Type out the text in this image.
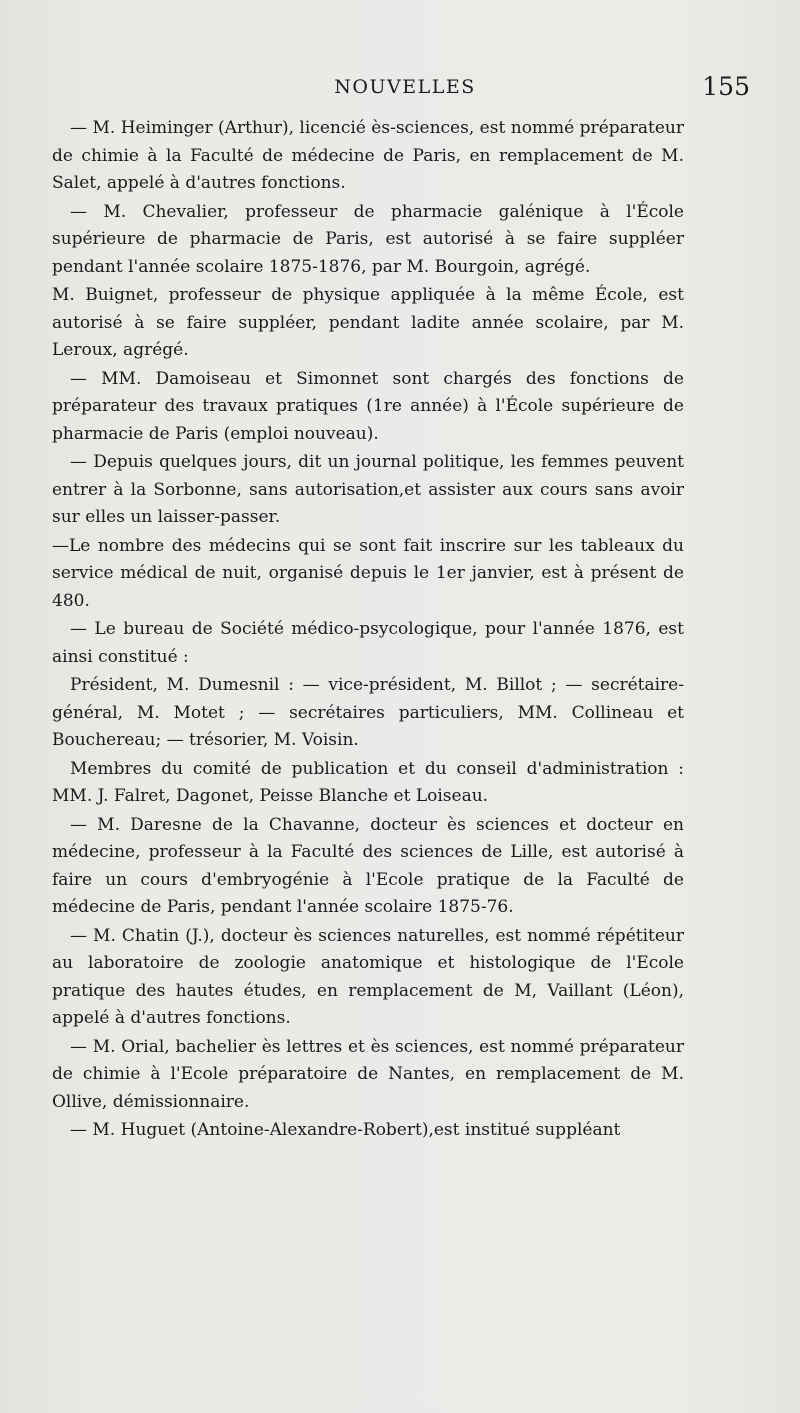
NOUVELLES	155

— M. Heiminger (Arthur), licencié ès-sciences, est nommé préparateur de chimie à la Faculté de médecine de Paris, en remplacement de M. Salet, appelé à d'autres fonctions.

— M. Chevalier, professeur de pharmacie galénique à l'École supérieure de pharmacie de Paris, est autorisé à se faire suppléer pendant l'année scolaire 1875-1876, par M. Bourgoin, agrégé.

M. Buignet, professeur de physique appliquée à la même École, est autorisé à se faire suppléer, pendant ladite année scolaire, par M. Leroux, agrégé.

— MM. Damoiseau et Simonnet sont chargés des fonctions de préparateur des travaux pratiques (1re année) à l'École supérieure de pharmacie de Paris (emploi nouveau).

— Depuis quelques jours, dit un journal politique, les femmes peuvent entrer à la Sorbonne, sans autorisation,et assister aux cours sans avoir sur elles un laisser-passer.

—Le nombre des médecins qui se sont fait inscrire sur les tableaux du service médical de nuit, organisé depuis le 1er janvier, est à présent de 480.

— Le bureau de Société médico-psycologique, pour l'année 1876, est ainsi constitué :

Président, M. Dumesnil : — vice-président, M. Billot ; — secrétaire-général, M. Motet ; — secrétaires particuliers, MM. Collineau et Bouchereau; — trésorier, M. Voisin.

Membres du comité de publication et du conseil d'administration : MM. J. Falret, Dagonet, Peisse Blanche et Loiseau.

— M. Daresne de la Chavanne, docteur ès sciences et docteur en médecine, professeur à la Faculté des sciences de Lille, est autorisé à faire un cours d'embryogénie à l'Ecole pratique de la Faculté de médecine de Paris, pendant l'année scolaire 1875-76.

— M. Chatin (J.), docteur ès sciences naturelles, est nommé répétiteur au laboratoire de zoologie anatomique et histologique de l'Ecole pratique des hautes études, en remplacement de M, Vaillant (Léon), appelé à d'autres fonctions.

— M. Orial, bachelier ès lettres et ès sciences, est nommé préparateur de chimie à l'Ecole préparatoire de Nantes, en remplacement de M. Ollive, démissionnaire.

— M. Huguet (Antoine-Alexandre-Robert),est institué suppléant
